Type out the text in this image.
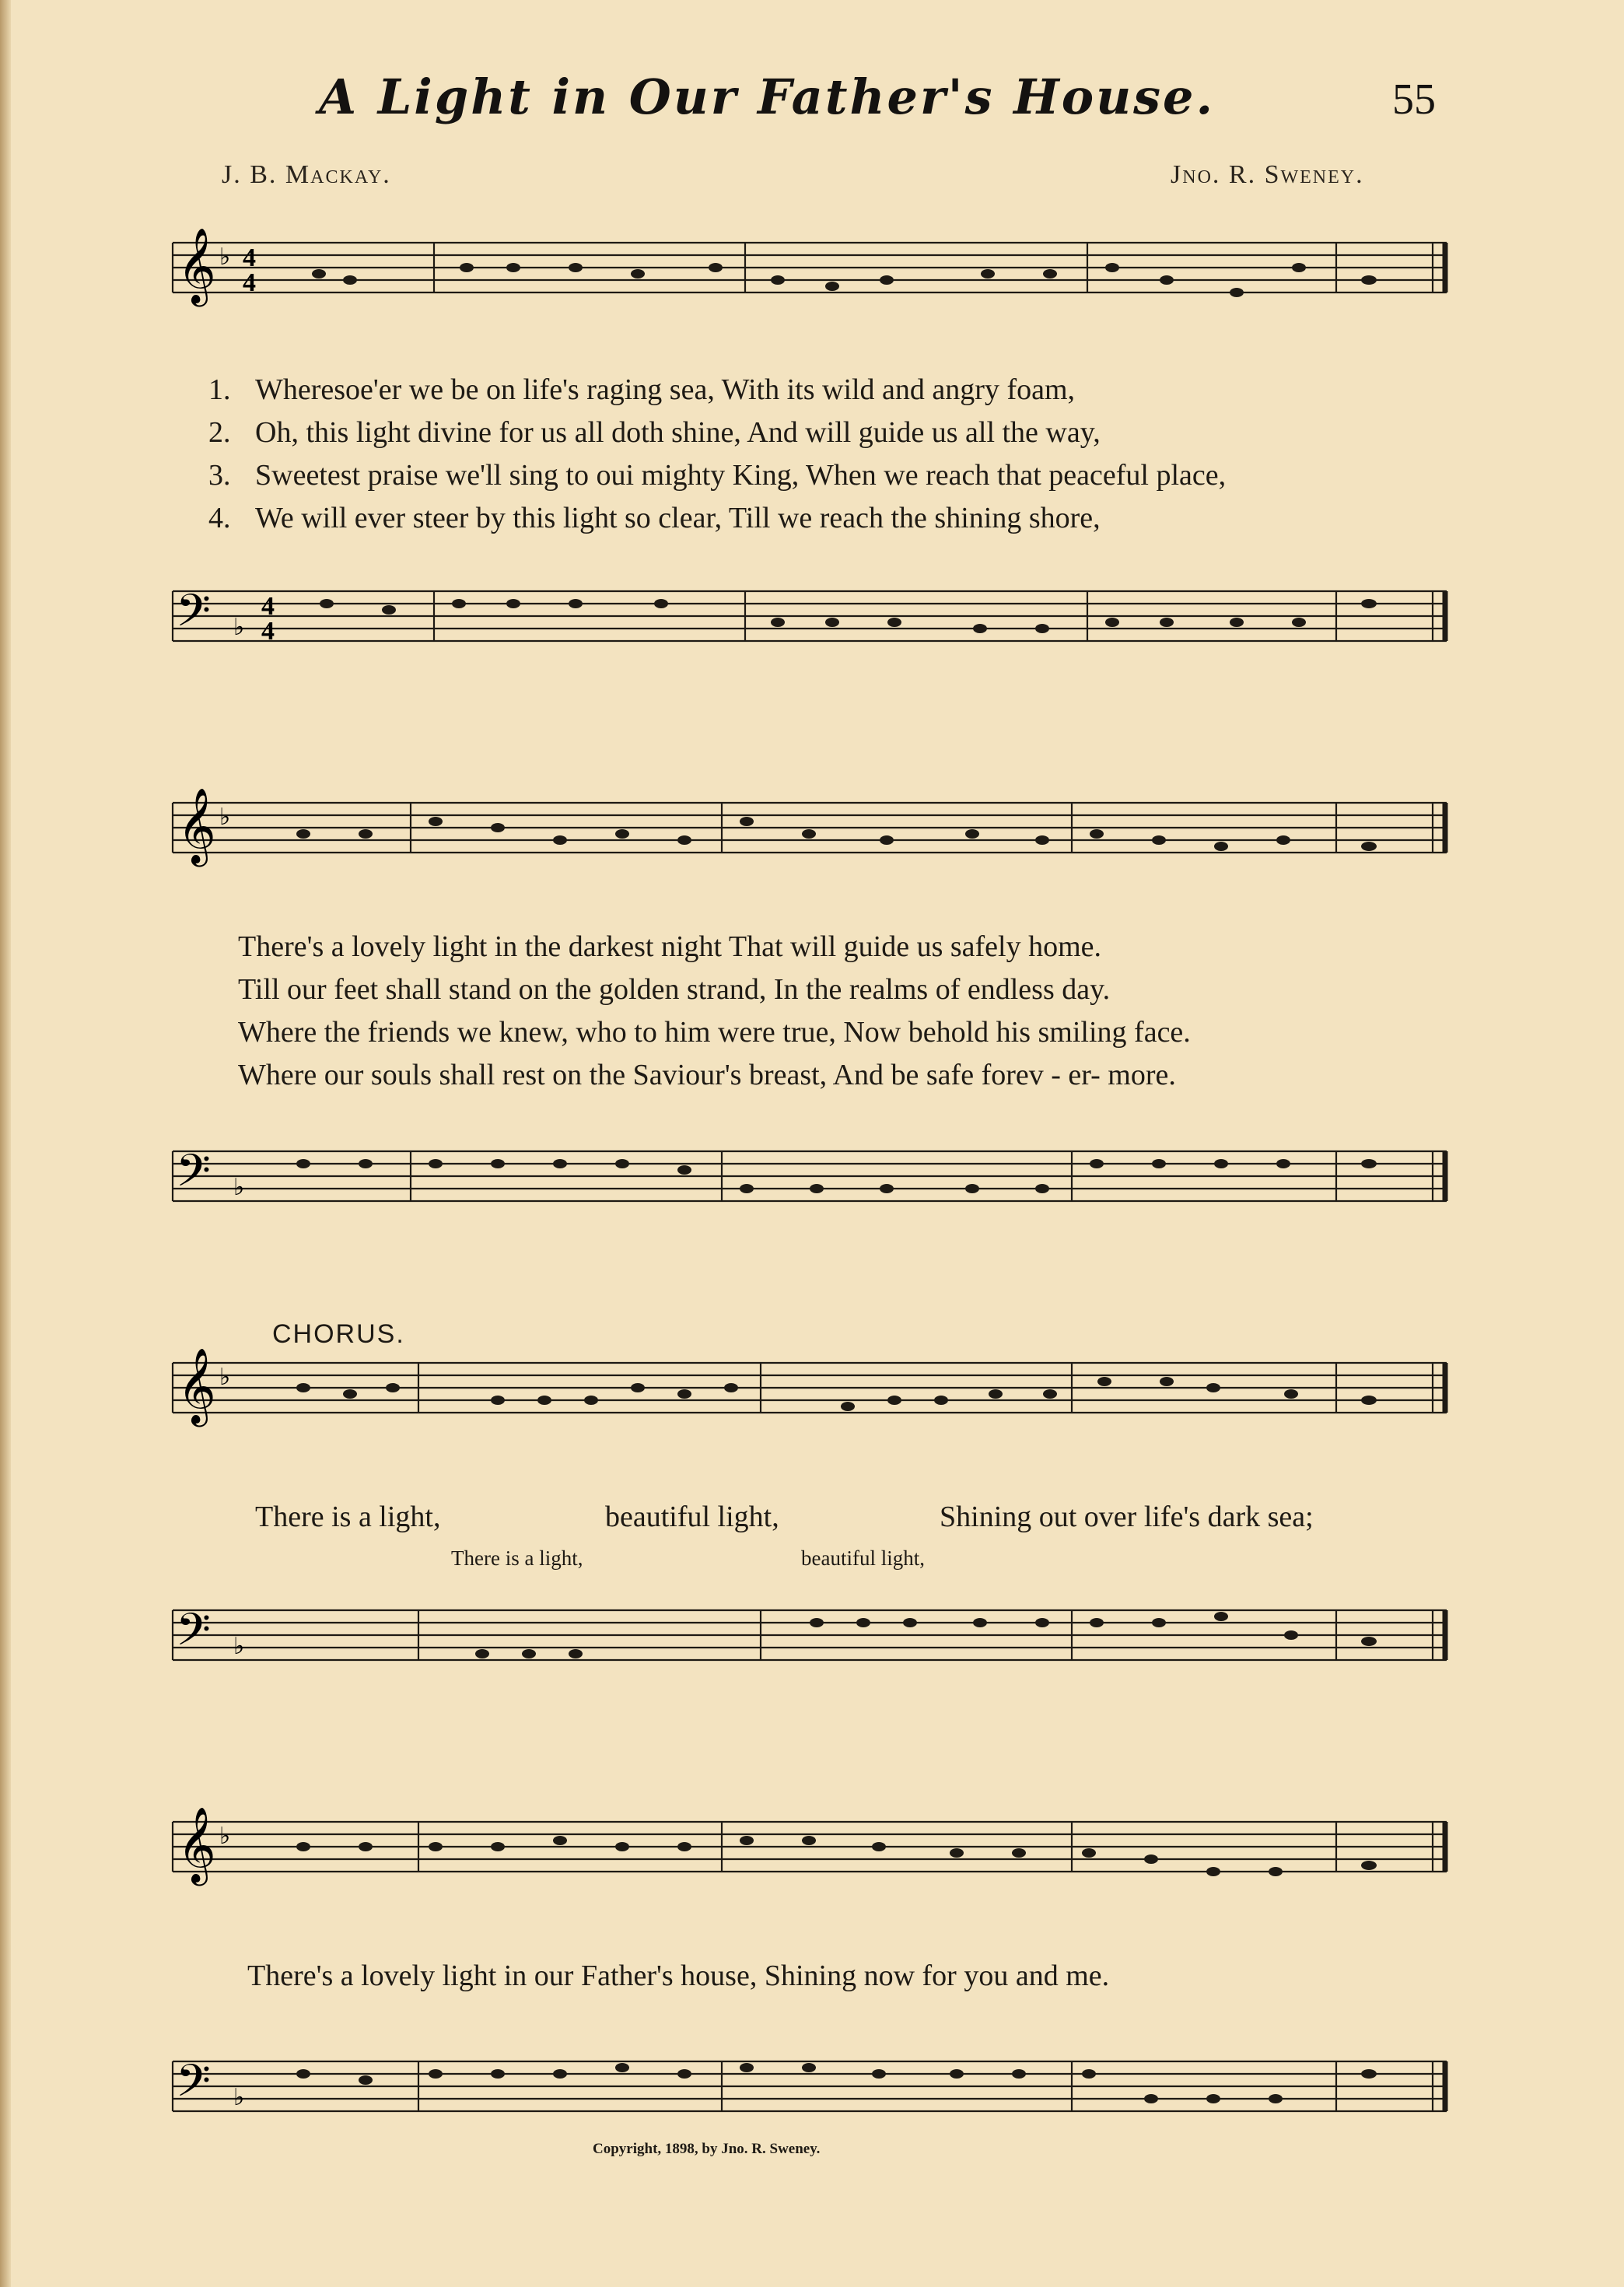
A Light in Our Father's House.	55
J. B. Mackay.	Jno. R. Sweney.
𝄞 ♭ 4
4
1. Wheresoe'er we be on life's raging sea, With its wild and angry foam,
2. Oh, this light divine for us all doth shine, And will guide us all the way,
3. Sweetest praise we'll sing to oui mighty King, When we reach that peaceful place,
4. We will ever steer by this light so clear, Till we reach the shining shore,
𝄢 ♭
4
4
𝄞 ♭
There's a lovely light in the darkest night That will guide us safely home.
Till our feet shall stand on the golden strand, In the realms of endless day.
Where the friends we knew, who to him were true, Now behold his smiling face.
Where our souls shall rest on the Saviour's breast, And be safe forev - er- more.
𝄢 ♭
CHORUS.
𝄞 ♭
There is a light,	beautiful light,	Shining out over life's dark sea;
There is a light,	beautiful light,
𝄢 ♭
𝄞 ♭
There's a lovely light in our Father's house, Shining now for you and me.
𝄢 ♭
Copyright, 1898, by Jno. R. Sweney.
